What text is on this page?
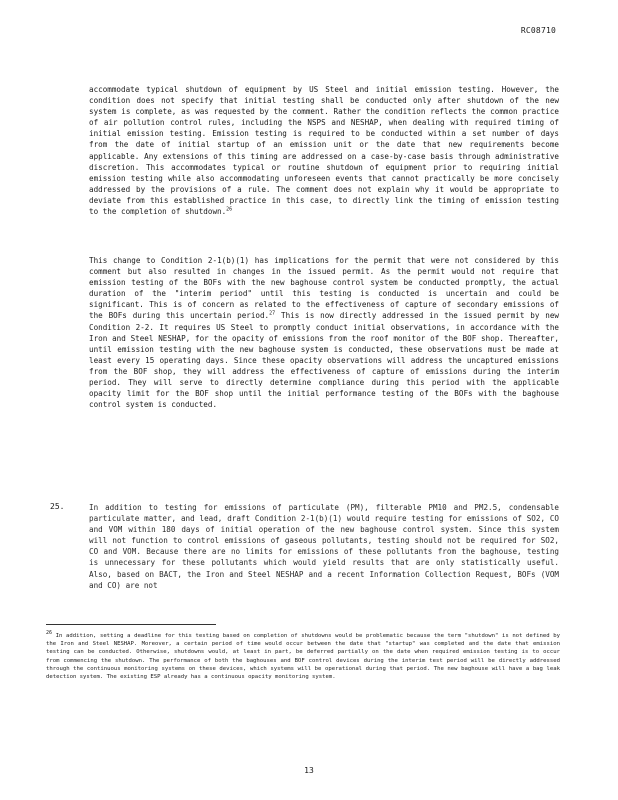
RC08710
accommodate typical shutdown of equipment by US Steel and initial emission testing. However, the condition does not specify that initial testing shall be conducted only after shutdown of the new system is complete, as was requested by the comment. Rather the condition reflects the common practice of air pollution control rules, including the NSPS and NESHAP, when dealing with required timing of initial emission testing. Emission testing is required to be conducted within a set number of days from the date of initial startup of an emission unit or the date that new requirements become applicable. Any extensions of this timing are addressed on a case-by-case basis through administrative discretion. This accommodates typical or routine shutdown of equipment prior to requiring initial emission testing while also accommodating unforeseen events that cannot practically be more concisely addressed by the provisions of a rule. The comment does not explain why it would be appropriate to deviate from this established practice in this case, to directly link the timing of emission testing to the completion of shutdown.$^{26}$
This change to Condition 2-1(b)(1) has implications for the permit that were not considered by this comment but also resulted in changes in the issued permit. As the permit would not require that emission testing of the BOFs with the new baghouse control system be conducted promptly, the actual duration of the "interim period" until this testing is conducted is uncertain and could be significant. This is of concern as related to the effectiveness of capture of secondary emissions of the BOFs during this uncertain period.$^{27}$ This is now directly addressed in the issued permit by new Condition 2-2. It requires US Steel to promptly conduct initial observations, in accordance with the Iron and Steel NESHAP, for the opacity of emissions from the roof monitor of the BOF shop. Thereafter, until emission testing with the new baghouse system is conducted, these observations must be made at least every 15 operating days. Since these opacity observations will address the uncaptured emissions from the BOF shop, they will address the effectiveness of capture of emissions during the interim period. They will serve to directly determine compliance during this period with the applicable opacity limit for the BOF shop until the initial performance testing of the BOFs with the baghouse control system is conducted.
25.	In addition to testing for emissions of particulate (PM), filterable PM10 and PM2.5, condensable particulate matter, and lead, draft Condition 2-1(b)(1) would require testing for emissions of SO2, CO and VOM within 180 days of initial operation of the new baghouse control system. Since this system will not function to control emissions of gaseous pollutants, testing should not be required for SO2, CO and VOM. Because there are no limits for emissions of these pollutants from the baghouse, testing is unnecessary for these pollutants which would yield results that are only statistically useful. Also, based on BACT, the Iron and Steel NESHAP and a recent Information Collection Request, BOFs (VOM and CO) are not
$^{26}$ In addition, setting a deadline for this testing based on completion of shutdowns would be problematic because the term "shutdown" is not defined by the Iron and Steel NESHAP. Moreover, a certain period of time would occur between the date that "startup" was completed and the date that emission testing can be conducted. Otherwise, shutdowns would, at least in part, be deferred partially on the date when required emission testing is to occur from commencing the shutdown. The performance of both the baghouses and BOF control devices during the interim test period will be directly addressed through the continuous monitoring systems on these devices, which systems will be operational during that period. The new baghouse will have a bag leak detection system. The existing ESP already has a continuous opacity monitoring system.
13
